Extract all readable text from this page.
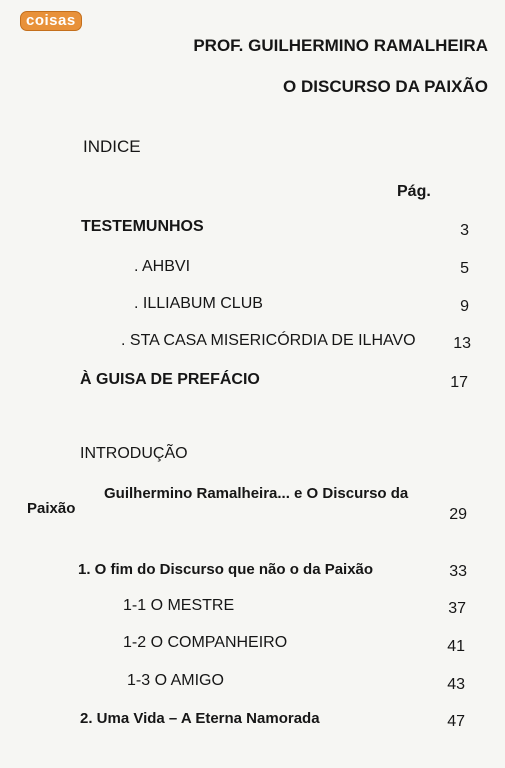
coisas
PROF. GUILHERMINO RAMALHEIRA
O DISCURSO DA PAIXÃO
INDICE
Pág.
TESTEMUNHOS	3
. AHBVI	5
. ILLIABUM CLUB	9
. STA CASA MISERICÓRDIA DE ILHAVO 13
À GUISA DE PREFÁCIO	17
INTRODUÇÃO
Guilhermino Ramalheira... e O Discurso da
Paixão	29
1. O fim do Discurso que não o da Paixão	33
1-1 O MESTRE	37
1-2 O COMPANHEIRO	41
1-3 O AMIGO	43
2. Uma Vida – A Eterna Namorada	47
